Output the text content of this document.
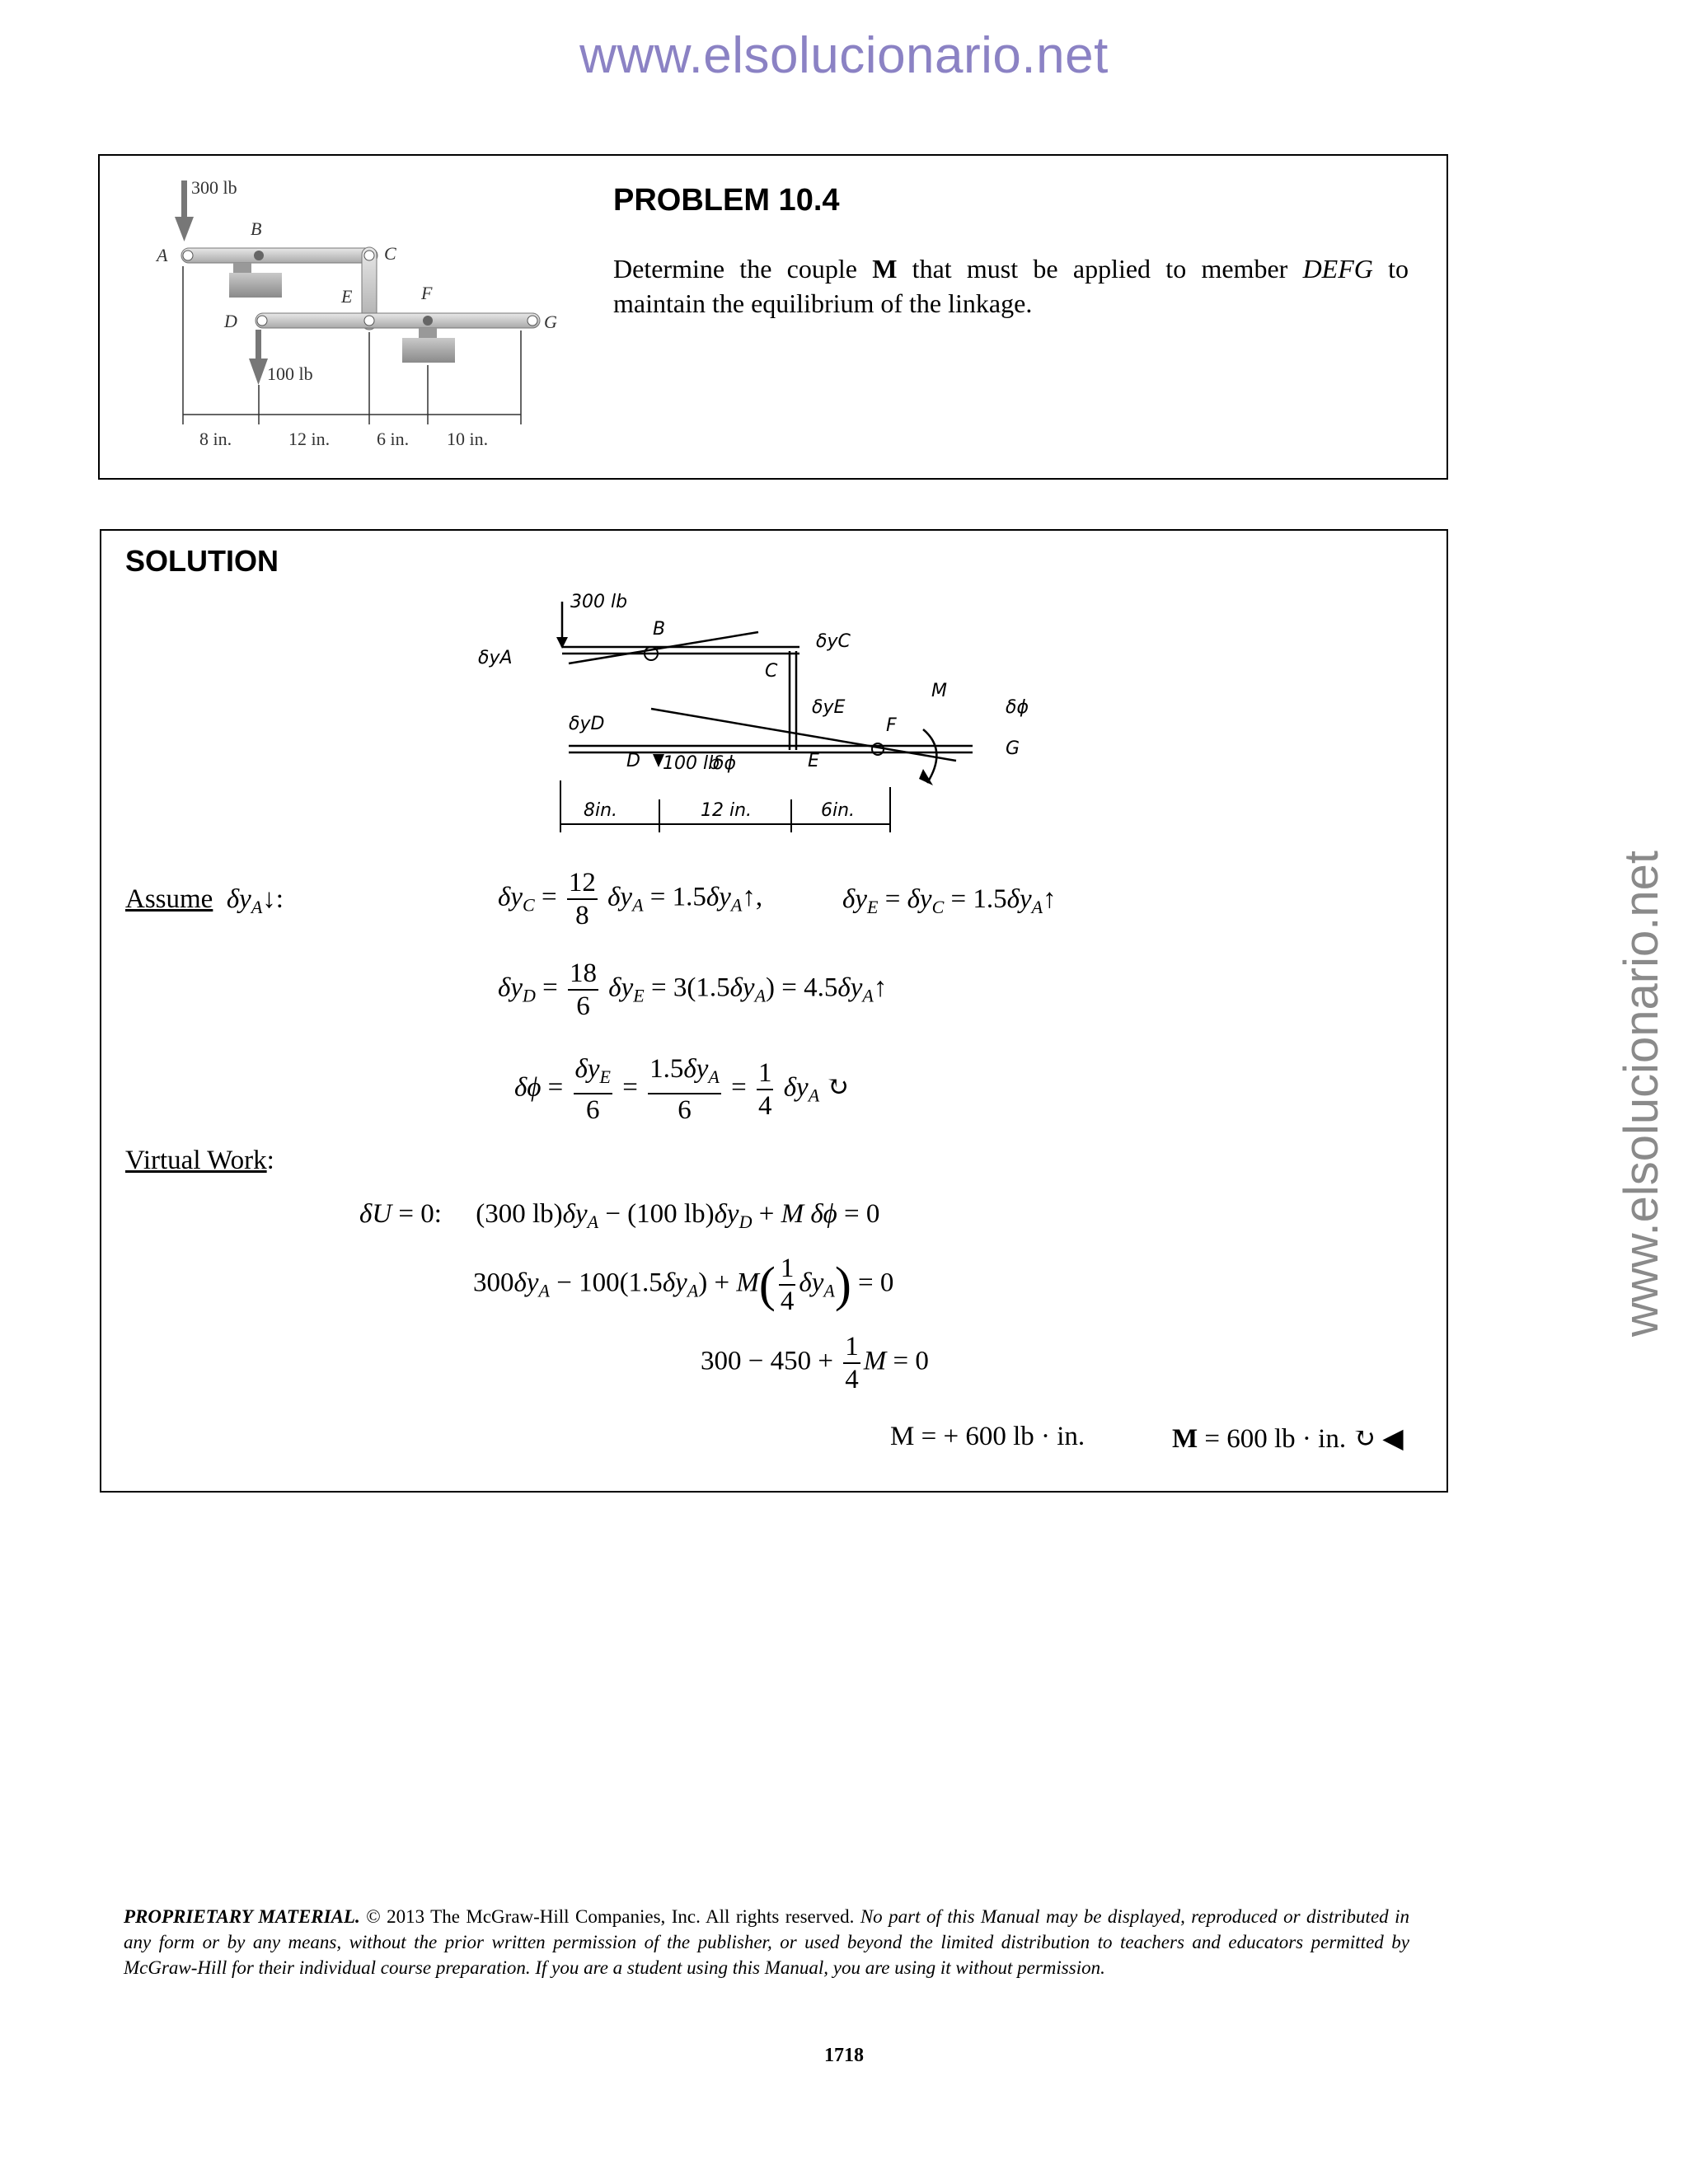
www.elsolucionario.net
www.elsolucionario.net
300 lb
100 lb
A
B
C
D
E	F
G
8 in.	12 in.	6 in. 10 in.
PROBLEM 10.4
Determine the couple M that must be applied to member DEFG to maintain the equilibrium of the linkage.
SOLUTION
300 lb
100 lb
δyA
δyC
δyD
δyE
δϕ
δϕ
M
B
C
D	E
F
G
8in.	12 in.	6in.
Assume $\delta y_A↓$:	$\delta y_C = \frac{12}{8} \delta y_A$ = $1.5\delta y_A↑$,	$\delta y_E = \delta y_C$ = $1.5\delta y_A↑$
$\delta y_D = \frac{18}{6} \delta y_E = 3(1.5\delta y_A)$ = $4.5\delta y_A↑$
$\delta\phi = \frac{\delta y_E}{6} = \frac{1.5\delta y_A}{6} = \frac{1}{4} \delta y_A$ ↻
Virtual Work:
δU = 0:     (300 $lb)\delta y_A - (100$ $lb)\delta y_D + M$ δϕ = 0
$300\delta y_A - 100(1.5\delta y_A) + M( \frac{1}{4} \delta y_A) = 0$
$300 - 450 + \frac{1}{4}$ M = 0
M = + 600 lb · in.	M = 600 lb · in. ↻ ◀
PROPRIETARY MATERIAL. © 2013 The McGraw-Hill Companies, Inc. All rights reserved. No part of this Manual may be displayed, reproduced or distributed in any form or by any means, without the prior written permission of the publisher, or used beyond the limited distribution to teachers and educators permitted by McGraw-Hill for their individual course preparation. If you are a student using this Manual, you are using it without permission.
1718
